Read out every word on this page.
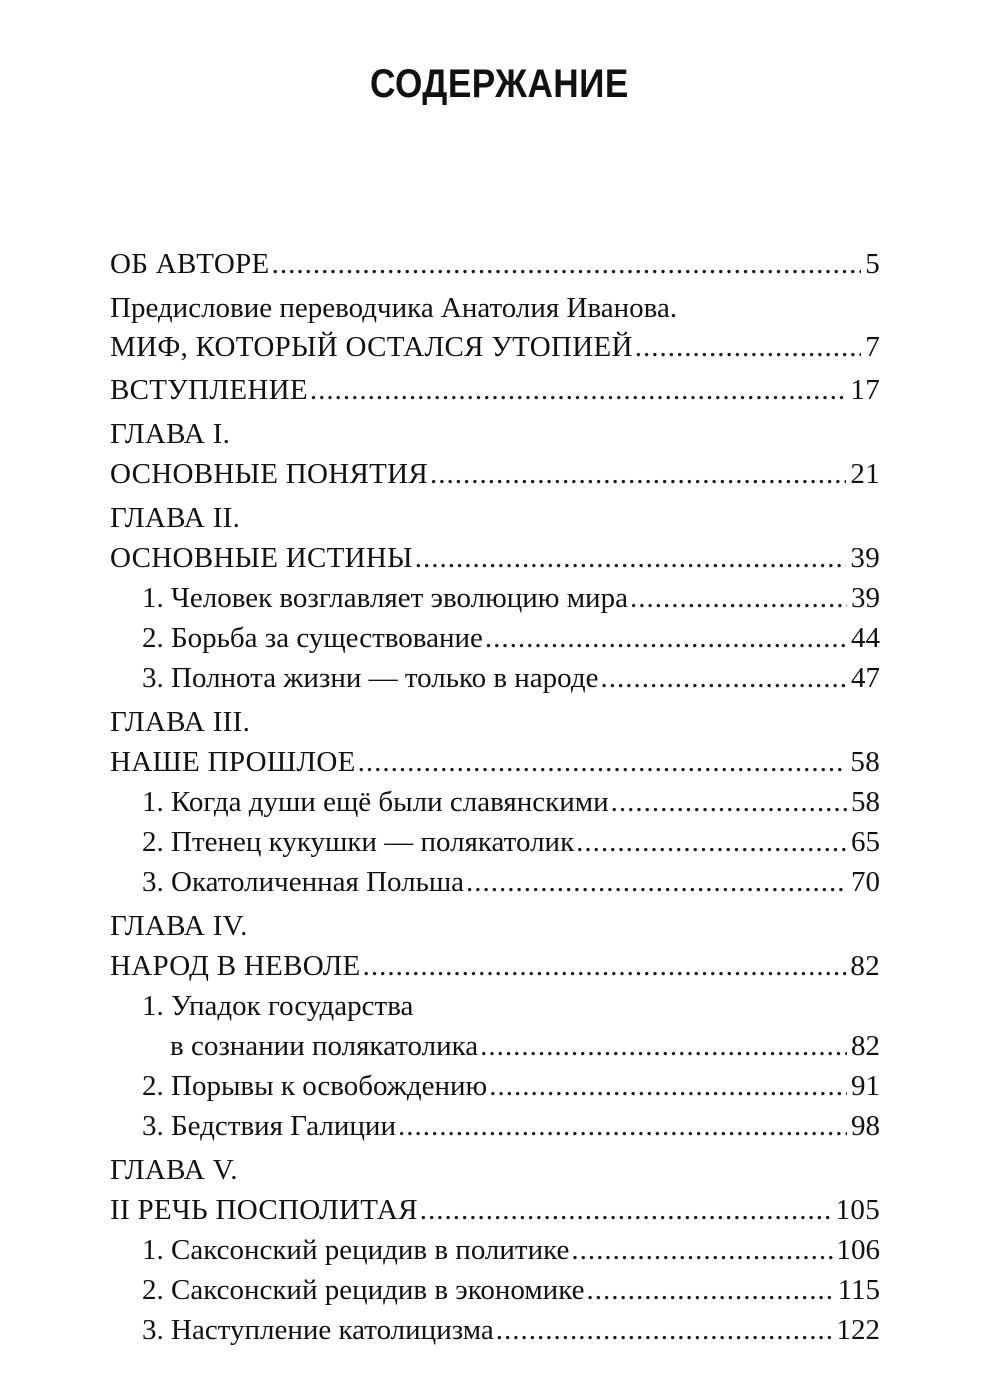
СОДЕРЖАНИЕ
ОБ АВТОРЕ .....	5
Предисловие переводчика Анатолия Иванова.
МИФ, КОТОРЫЙ ОСТАЛСЯ УТОПИЕЙ .....	7
ВСТУПЛЕНИЕ .....	17
ГЛАВА I.
ОСНОВНЫЕ ПОНЯТИЯ .....	21
ГЛАВА II.
ОСНОВНЫЕ ИСТИНЫ .....	39
1. Человек возглавляет эволюцию мира .....	39
2. Борьба за существование .....	44
3. Полнота жизни — только в народе .....	47
ГЛАВА III.
НАШЕ ПРОШЛОЕ .....	58
1. Когда души ещё были славянскими .....	58
2. Птенец кукушки — полякатолик .....	65
3. Окатоличенная Польша .....	70
ГЛАВА IV.
НАРОД В НЕВОЛЕ .....	82
1. Упадок государства
в сознании полякатолика .....	82
2. Порывы к освобождению .....	91
3. Бедствия Галиции .....	98
ГЛАВА V.
II РЕЧЬ ПОСПОЛИТАЯ .....	105
1. Саксонский рецидив в политике .....	106
2. Саксонский рецидив в экономике .....	115
3. Наступление католицизма .....	122
